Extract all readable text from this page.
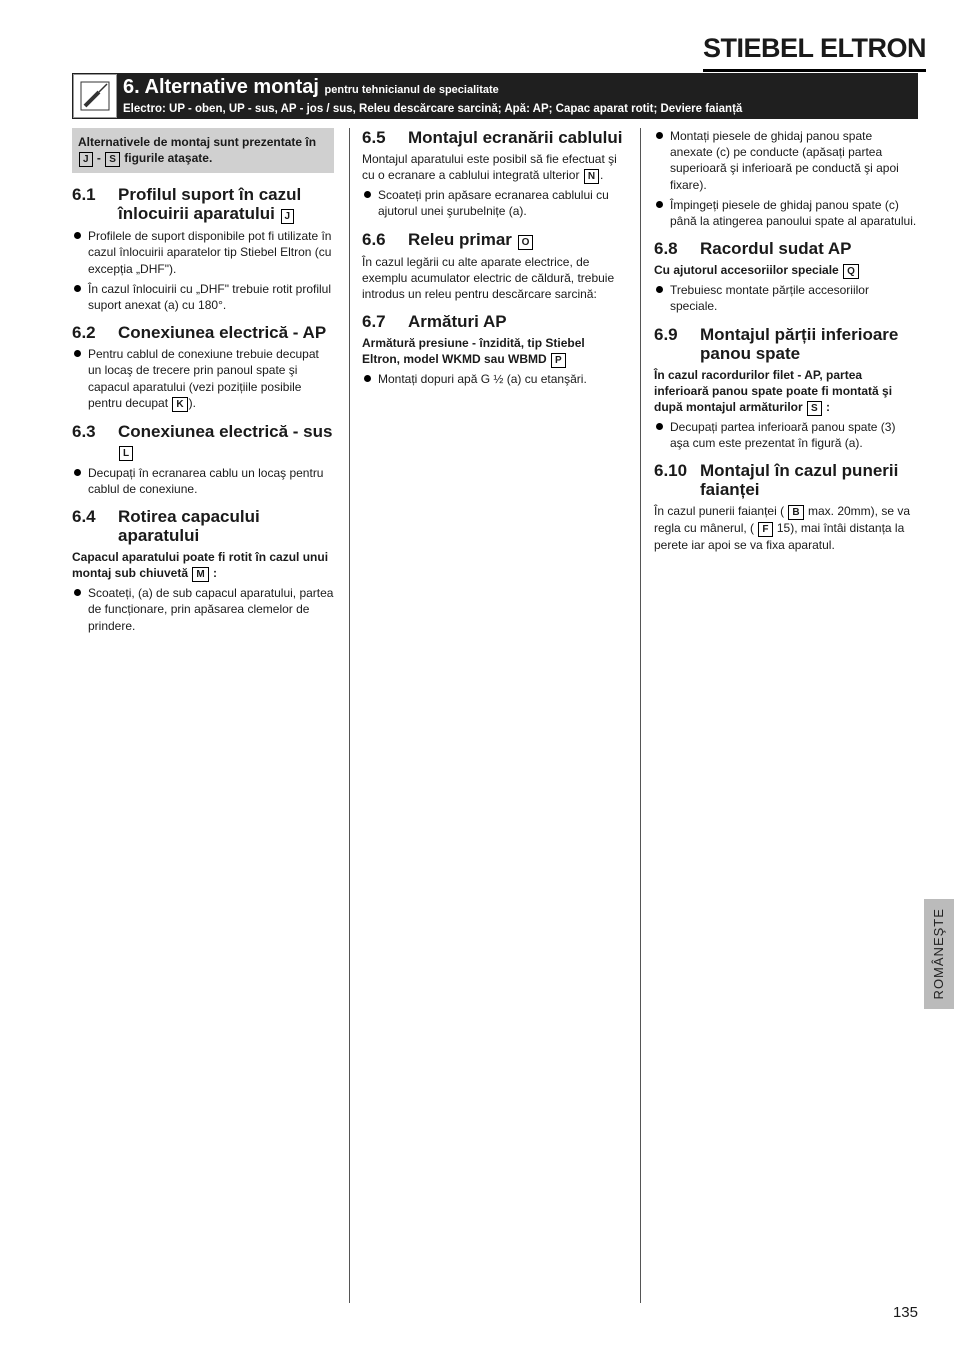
STIEBEL ELTRON
6. Alternative montaj pentru tehnicianul de specialitate
Electro: UP - oben, UP - sus, AP - jos / sus, Releu descărcare sarcină; Apă: AP; Capac aparat rotit; Deviere faianță
Alternativele de montaj sunt prezentate în
J - S figurile ataşate.
6.1	Profilul suport în cazul înlocuirii aparatului J
Profilele de suport disponibile pot fi utilizate în cazul înlocuirii aparatelor tip Stiebel Eltron (cu excepția „DHF").
În cazul înlocuirii cu „DHF" trebuie rotit profilul suport anexat (a) cu 180°.
6.2	Conexiunea electrică - AP
Pentru cablul de conexiune trebuie decupat un locaş de trecere prin panoul spate şi capacul aparatului (vezi pozițiile posibile pentru decupat K ).
6.3	Conexiunea electrică - sus L
Decupați în ecranarea cablu un locaş pentru cablul de conexiune.
6.4	Rotirea capacului aparatului

Capacul aparatului poate fi rotit în cazul unui montaj sub chiuvetă M :

Scoateți, (a) de sub capacul aparatului, partea de funcționare, prin apăsarea clemelor de prindere.
6.5	Montajul ecranării cablului

Montajul aparatului este posibil să fie efectuat şi cu o ecranare a cablului integrată ulterior N .

Scoateți prin apăsare ecranarea cablului cu ajutorul unei şurubelnițe (a).
6.6	Releu primar O

În cazul legării cu alte aparate electrice, de exemplu acumulator electric de căldură, trebuie introdus un releu pentru descărcare sarcină:

6.7	Armături AP

Armătură presiune - înzidită, tip Stiebel Eltron, model WKMD sau WBMD P

Montați dopuri apă G ½ (a) cu etanşări.
Montați piesele de ghidaj panou spate anexate (c) pe conducte (apăsați partea superioară şi inferioară pe conductă şi apoi fixare).
Împingeți piesele de ghidaj panou spate (c) până la atingerea panoului spate al aparatului.
6.8	Racordul sudat AP

Cu ajutorul accesoriilor speciale Q

Trebuiesc montate părțile accesoriilor speciale.
6.9	Montajul părții inferioare panou spate

În cazul racordurilor filet - AP, partea inferioară panou spate poate fi montată şi după montajul armăturilor S :

Decupați partea inferioară panou spate (3) aşa cum este prezentat în figură (a).
6.10 Montajul în cazul punerii faianței

În cazul punerii faianței ( B max. 20mm), se va regla cu mânerul, ( F 15), mai întâi distanța la perete iar apoi se va fixa aparatul.

ROMÂNEŞTE
135
